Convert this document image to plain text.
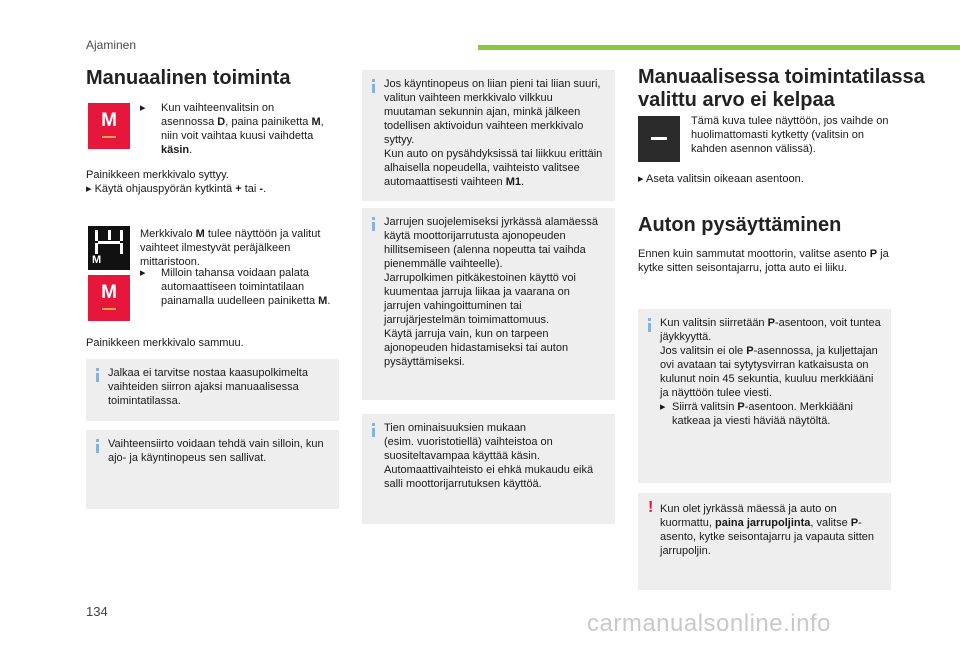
Ajaminen
Manuaalinen toiminta
M
▸ Kun vaihteenvalitsin on asennossa D, paina painiketta M, niin voit vaihtaa kuusi vaihdetta käsin.
Painikkeen merkkivalo syttyy.
▸ Käytä ohjauspyörän kytkintä + tai -.
M
M
Merkkivalo M tulee näyttöön ja valitut vaihteet ilmestyvät peräjälkeen mittaristoon.
▸ Milloin tahansa voidaan palata automaattiseen toimintatilaan painamalla uudelleen painiketta M.
Painikkeen merkkivalo sammuu.
Jalkaa ei tarvitse nostaa kaasupolkimelta vaihteiden siirron ajaksi manuaalisessa toimintatilassa.
Vaihteensiirto voidaan tehdä vain silloin, kun ajo- ja käyntinopeus sen sallivat.
Jos käyntinopeus on liian pieni tai liian suuri, valitun vaihteen merkkivalo vilkkuu muutaman sekunnin ajan, minkä jälkeen todellisen aktivoidun vaihteen merkkivalo syttyy.
Kun auto on pysähdyksissä tai liikkuu erittäin alhaisella nopeudella, vaihteisto valitsee automaattisesti vaihteen M1.
Jarrujen suojelemiseksi jyrkässä alamäessä käytä moottorijarrutusta ajonopeuden hillitsemiseen (alenna nopeutta tai vaihda pienemmälle vaihteelle).
Jarrupolkimen pitkäkestoinen käyttö voi kuumentaa jarruja liikaa ja vaarana on jarrujen vahingoittuminen tai jarrujärjestelmän toimimattomuus.
Käytä jarruja vain, kun on tarpeen ajonopeuden hidastamiseksi tai auton pysäyttämiseksi.
Tien ominaisuuksien mukaan
(esim. vuoristotiellä) vaihteistoa on suositeltavampaa käyttää käsin.
Automaattivaihteisto ei ehkä mukaudu eikä salli moottorijarrutuksen käyttöä.
Manuaalisessa toimintatilassa valittu arvo ei kelpaa
Tämä kuva tulee näyttöön, jos vaihde on huolimattomasti kytketty (valitsin on kahden asennon välissä).
▸ Aseta valitsin oikeaan asentoon.
Auton pysäyttäminen
Ennen kuin sammutat moottorin, valitse asento P ja kytke sitten seisontajarru, jotta auto ei liiku.
Kun valitsin siirretään P-asentoon, voit tuntea jäykkyyttä.
Jos valitsin ei ole P-asennossa, ja kuljettajan ovi avataan tai sytytysvirran katkaisusta on kulunut noin 45 sekuntia, kuuluu merkkiääni ja näyttöön tulee viesti.
▸ Siirrä valitsin P-asentoon. Merkkiääni katkeaa ja viesti häviää näytöltä.
! Kun olet jyrkässä mäessä ja auto on kuormattu, paina jarrupoljinta, valitse P-asento, kytke seisontajarru ja vapauta sitten jarrupoljin.
134	carmanualsonline.info
